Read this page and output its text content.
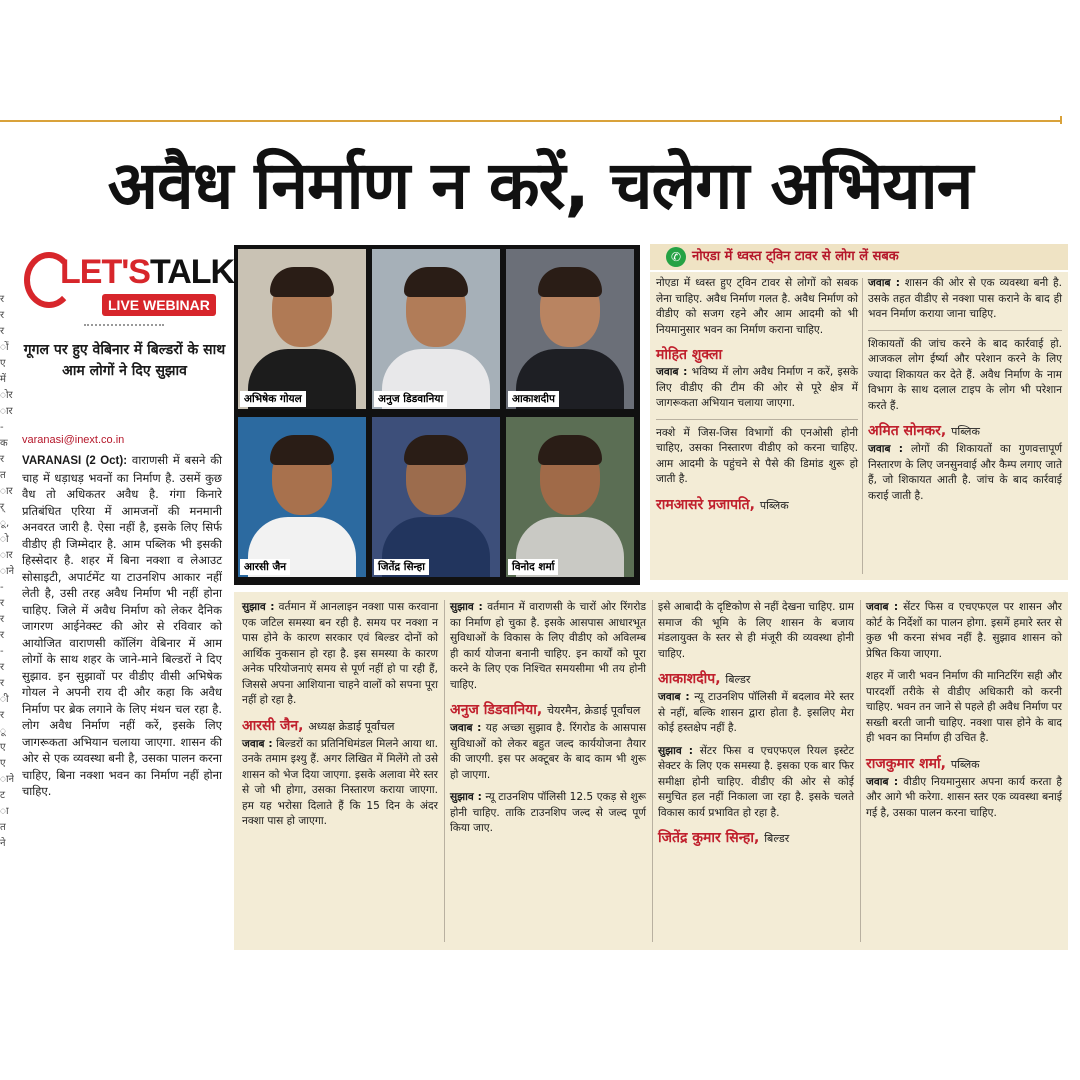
अवैध निर्माण न करें, चलेगा अभियान
र
र
र
ों
ए
में
ोर
ार
-
क
र
त
ार
र्
ू,
ो
ार
ाने
-
र
र
र
-
र
र
ी
र
ू
ए
ए
ाने
ट
ा
त
ने
LET'STALK
LIVE WEBINAR
गूगल पर हुए वेबिनार में बिल्डरों के साथ आम लोगों ने दिए सुझाव
varanasi@inext.co.in
VARANASI (2 Oct): वाराणसी में बसने की चाह में धड़ाधड़ भवनों का निर्माण है. उसमें कुछ वैध तो अधिकतर अवैध है. गंगा किनारे प्रतिबंधित एरिया में आमजनों की मनमानी अनवरत जारी है. ऐसा नहीं है, इसके लिए सिर्फ वीडीए ही जिम्मेदार है. आम पब्लिक भी इसकी हिस्सेदार है. शहर में बिना नक्शा व लेआउट सोसाइटी, अपार्टमेंट या टाउनशिप आकार नहीं लेती है, उसी तरह अवैध निर्माण भी नहीं होना चाहिए. जिले में अवैध निर्माण को लेकर दैनिक जागरण आईनेक्स्ट की ओर से रविवार को आयोजित वाराणसी कॉलिंग वेबिनार में आम लोगों के साथ शहर के जाने-माने बिल्डरों ने दिए सुझाव. इन सुझावों पर वीडीए वीसी अभिषेक गोयल ने अपनी राय दी और कहा कि अवैध निर्माण पर ब्रेक लगाने के लिए मंथन चल रहा है. लोग अवैध निर्माण नहीं करें, इसके लिए जागरूकता अभियान चलाया जाएगा. शासन की ओर से एक व्यवस्था बनी है, उसका पालन करना चाहिए, बिना नक्शा भवन का निर्माण नहीं होना चाहिए.
अभिषेक गोयल	अनुज डिडवानिया	आकाशदीप
आरसी जैन	जितेंद्र सिन्हा	विनोद शर्मा
✆ नोएडा में ध्वस्त ट्विन टावर से लोग लें सबक

नोएडा में ध्वस्त हुए ट्विन टावर से लोगों को सबक लेना चाहिए. अवैध निर्माण गलत है. अवैध निर्माण को वीडीए को सजग रहने और आम आदमी को भी नियमानुसार भवन का निर्माण कराना चाहिए.

मोहित शुक्ला

जवाब : भविष्य में लोग अवैध निर्माण न करें, इसके लिए वीडीए की टीम की ओर से पूरे क्षेत्र में जागरूकता अभियान चलाया जाएगा.

नक्शे में जिस-जिस विभागों की एनओसी होनी चाहिए, उसका निस्तारण वीडीए को करना चाहिए. आम आदमी के पहुंचने से पैसे की डिमांड शुरू हो जाती है.

रामआसरे प्रजापति, पब्लिक

जवाब : शासन की ओर से एक व्यवस्था बनी है. उसके तहत वीडीए से नक्शा पास कराने के बाद ही भवन निर्माण कराया जाना चाहिए.

शिकायतों की जांच करने के बाद कार्रवाई हो. आजकल लोग ईर्ष्या और परेशान करने के लिए ज्यादा शिकायत कर देते हैं. अवैध निर्माण के नाम विभाग के साथ दलाल टाइप के लोग भी परेशान करते हैं.

अमित सोनकर, पब्लिक

जवाब : लोगों की शिकायतों का गुणवत्तापूर्ण निस्तारण के लिए जनसुनवाई और कैम्प लगाए जाते हैं, जो शिकायत आती है. जांच के बाद कार्रवाई कराई जाती है.

सुझाव : वर्तमान में आनलाइन नक्शा पास करवाना एक जटिल समस्या बन रही है. समय पर नक्शा न पास होने के कारण सरकार एवं बिल्डर दोनों को आर्थिक नुकसान हो रहा है. इस समस्या के कारण अनेक परियोजनाएं समय से पूर्ण नहीं हो पा रही हैं, जिससे अपना आशियाना चाहने वालों को सपना पूरा नहीं हो रहा है.

आरसी जैन, अध्यक्ष क्रेडाई पूर्वांचल

जवाब : बिल्डरों का प्रतिनिधिमंडल मिलने आया था. उनके तमाम इश्यु हैं. अगर लिखित में मिलेंगे तो उसे शासन को भेज दिया जाएगा. इसके अलावा मेरे स्तर से जो भी होगा, उसका निस्तारण कराया जाएगा. हम यह भरोसा दिलाते हैं कि 15 दिन के अंदर नक्शा पास हो जाएगा.

सुझाव : वर्तमान में वाराणसी के चारों ओर रिंगरोड का निर्माण हो चुका है. इसके आसपास आधारभूत सुविधाओं के विकास के लिए वीडीए को अविलम्ब ही कार्य योजना बनानी चाहिए. इन कार्यों को पूरा करने के लिए एक निश्चित समयसीमा भी तय होनी चाहिए.

अनुज डिडवानिया, चेयरमैन, क्रेडाई पूर्वांचल

जवाब : यह अच्छा सुझाव है. रिंगरोड के आसपास सुविधाओं को लेकर बहुत जल्द कार्ययोजना तैयार की जाएगी. इस पर अक्टूबर के बाद काम भी शुरू हो जाएगा.

सुझाव : न्यू टाउनशिप पॉलिसी 12.5 एकड़ से शुरू होनी चाहिए. ताकि टाउनशिप जल्द से जल्द पूर्ण किया जाए.

इसे आबादी के दृष्टिकोण से नहीं देखना चाहिए. ग्राम समाज की भूमि के लिए शासन के बजाय मंडलायुक्त के स्तर से ही मंजूरी की व्यवस्था होनी चाहिए.

आकाशदीप, बिल्डर

जवाब : न्यू टाउनशिप पॉलिसी में बदलाव मेरे स्तर से नहीं, बल्कि शासन द्वारा होता है. इसलिए मेरा कोई हस्तक्षेप नहीं है.

सुझाव : सेंटर फिस व एचएफएल रियल इस्टेट सेक्टर के लिए एक समस्या है. इसका एक बार फिर समीक्षा होनी चाहिए. वीडीए की ओर से कोई समुचित हल नहीं निकाला जा रहा है. इसके चलते विकास कार्य प्रभावित हो रहा है.

जितेंद्र कुमार सिन्हा, बिल्डर

जवाब : सेंटर फिस व एचएफएल पर शासन और कोर्ट के निर्देशों का पालन होगा. इसमें हमारे स्तर से कुछ भी करना संभव नहीं है. सुझाव शासन को प्रेषित किया जाएगा.

शहर में जारी भवन निर्माण की मानिटरिंग सही और पारदर्शी तरीके से वीडीए अधिकारी को करनी चाहिए. भवन तन जाने से पहले ही अवैध निर्माण पर सख्ती बरती जानी चाहिए. नक्शा पास होने के बाद ही भवन का निर्माण ही उचित है.

राजकुमार शर्मा, पब्लिक

जवाब : वीडीए नियमानुसार अपना कार्य करता है और आगे भी करेगा. शासन स्तर एक व्यवस्था बनाई गई है, उसका पालन करना चाहिए.
